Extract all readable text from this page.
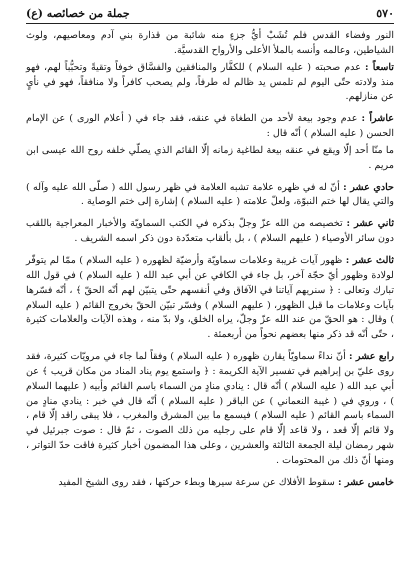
٥٧٠
جملة من خصائصه (ع)

النور وفضاء القدس فلم تُشَبْ أيُّ جزءٍ منه شائبة من قذارة بني آدم ومعاصيهم، ولوث الشياطين، وعالمه وأنسه بالملأ الأعلى والأرواح القدسيَّة.

تاسعاً : عدم صحبته ( عليه السلام ) للكفَّار والمنافقين والفسَّاق خوفاً وتقيةً وتحبُّباً لهم، فهو منذ ولادته حتّى اليوم لم تلمس يد ظالم له طرفاً، ولم يصحب كافراً ولا منافقاً، فهو في نأيٍ عن منازلهم.

عاشراً : عدم وجود بيعة لأحد من الطغاة في عنقه، فقد جاء في ( أعلام الورى ) عن الإمام الحسن ( عليه السلام ) أنّه قال :

ما منّا أحد إلّا ويقع في عنقه بيعة لطاغية زمانه إلّا القائم الذي يصلّي خلفه روح الله عيسى ابن مريم .

حادي عشر : أنّ له في ظهره علامة تشبه العلامة في ظهر رسول الله ( صلّى الله عليه وآله ) والتي يقال لها ختم النبوّة، ولعلّ علامته ( عليه السلام ) إشارة إلى ختم الوصاية .

ثاني عشر : تخصيصه من الله عزّ وجلّ بذكره في الكتب السماويّة والأخبار المعراجية باللقب دون سائر الأوصياء ( عليهم السلام ) ، بل بألقاب متعدّدة دون ذكر اسمه الشريف .

ثالث عشر : ظهور آيات غريبة وعلامات سماويّة وأرضيّة لظهوره ( عليه السلام ) ممّا لم يتوفّر لولادة وظهور أيّ حجّة آخر، بل جاء في الكافي عن أبي عبد الله ( عليه السلام ) في قول الله تبارك وتعالى : ﴿ سنريهم آياتنا في الآفاق وفي أنفسهم حتّى يتبيّن لهم أنّه الحقّ ﴾ ، أنّه فسّرها بآيات وعلامات ما قبل الظهور، ( عليهم السلام ) وفسّر تبيّن الحقّ بخروج القائم ( عليه السلام ) وقال : هو الحقّ من عند الله عزّ وجلّ، يراه الخلق، ولا بدّ منه ، وهذه الآيات والعلامات كثيرة ، حتّى أنّه قد ذكر منها بعضهم نحواً من أربعمئة .

رابع عشر : أنّ نداءً سماويّاً يقارن ظهوره ( عليه السلام ) وفقاً لما جاء في مرويّات كثيرة، فقد روى عليّ بن إبراهيم في تفسير الآية الكريمة : ﴿ واستمع يوم يناد المناد من مكان قريب ﴾ عن أبي عبد الله ( عليه السلام ) أنّه قال : ينادي منادٍ من السماء باسم القائم وأبيه ( عليهما السلام ) ، وروي في ( غيبة النعماني ) عن الباقر ( عليه السلام ) أنّه قال في خبر : ينادي منادٍ من السماء باسم القائم ( عليه السلام ) فيسمع ما بين المشرق والمغرب ، فلا يبقى راقد إلّا قام ، ولا قائم إلّا قعد ، ولا قاعد إلّا قام على رجليه من ذلك الصوت ، ثمّ قال : صوت جبرئيل في شهر رمضان ليلة الجمعة الثالثة والعشرين ، وعلى هذا المضمون أخبار كثيرة فاقت حدّ التواتر ، ومنها أنّ ذلك من المحتومات .

خامس عشر : سقوط الأفلاك عن سرعة سيرها وبطء حركتها ، فقد روى الشيخ المفيد
